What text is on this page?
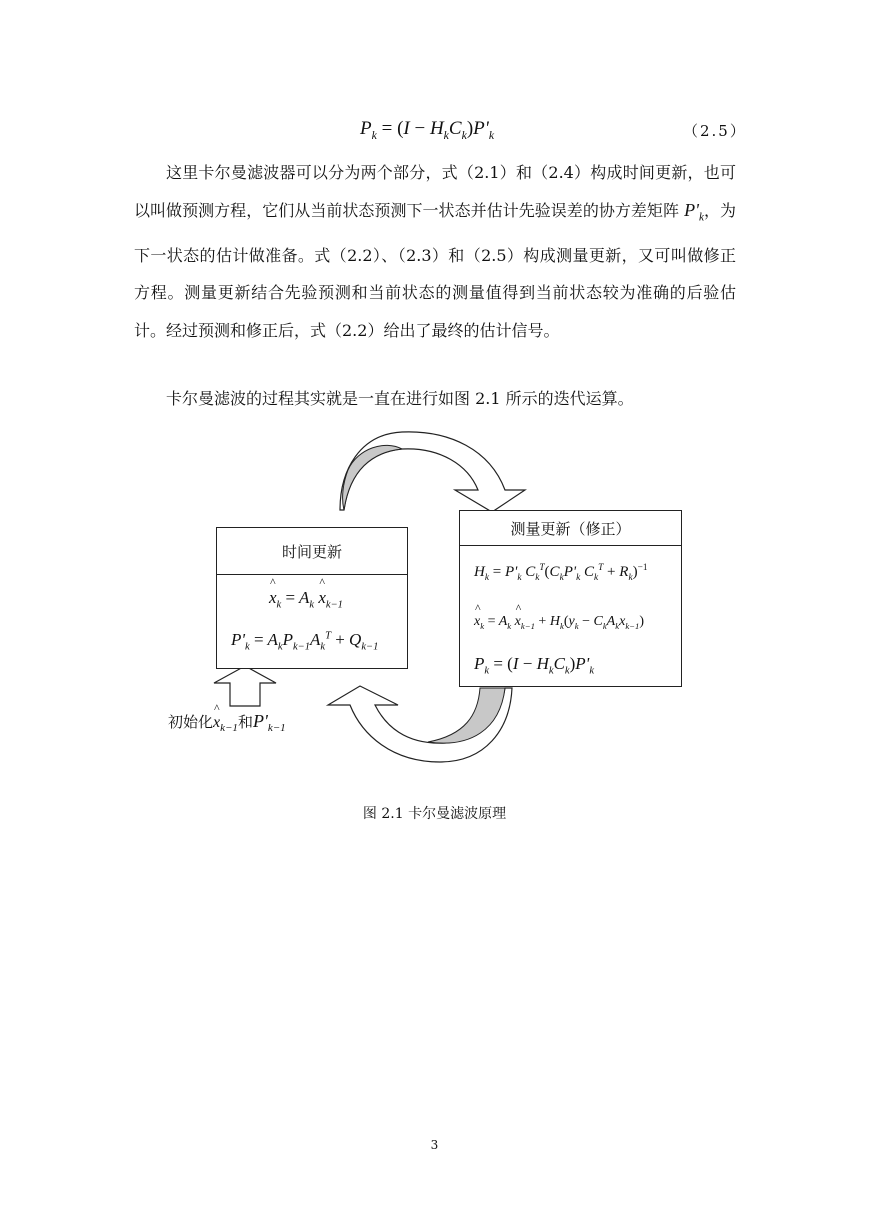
$P_k = (I - H_kC_k)P'_k$	（2.5）
这里卡尔曼滤波器可以分为两个部分，式（2.1）和（2.4）构成时间更新，也可以叫做预测方程，它们从当前状态预测下一状态并估计先验误差的协方差矩阵 $P'_k$，为下一状态的估计做准备。式（2.2）、（2.3）和（2.5）构成测量更新，又可叫做修正方程。测量更新结合先验预测和当前状态的测量值得到当前状态较为准确的后验估计。经过预测和修正后，式（2.2）给出了最终的估计信号。
卡尔曼滤波的过程其实就是一直在进行如图 2.1 所示的迭代运算。
时间更新
^ $x_k = A_k$ ^ $x_{k-1}$
$P'_k = A_kP_{k-1}A_k^T + Q_{k-1}$
测量更新（修正）
$H_k = P'_k$ $C_k^T(C_kP'_k$ $C_k^T + R_k)^{-1}$
^ $x_k = A_k$ ^ $x_{k-1} + H_k(y_k - C_kA_kx_{k-1})$
$P_k = (I - H_kC_k)P'_k$
初始化^ $x_{k-1}$和$P'_{k-1}$
图 2.1 卡尔曼滤波原理
3
